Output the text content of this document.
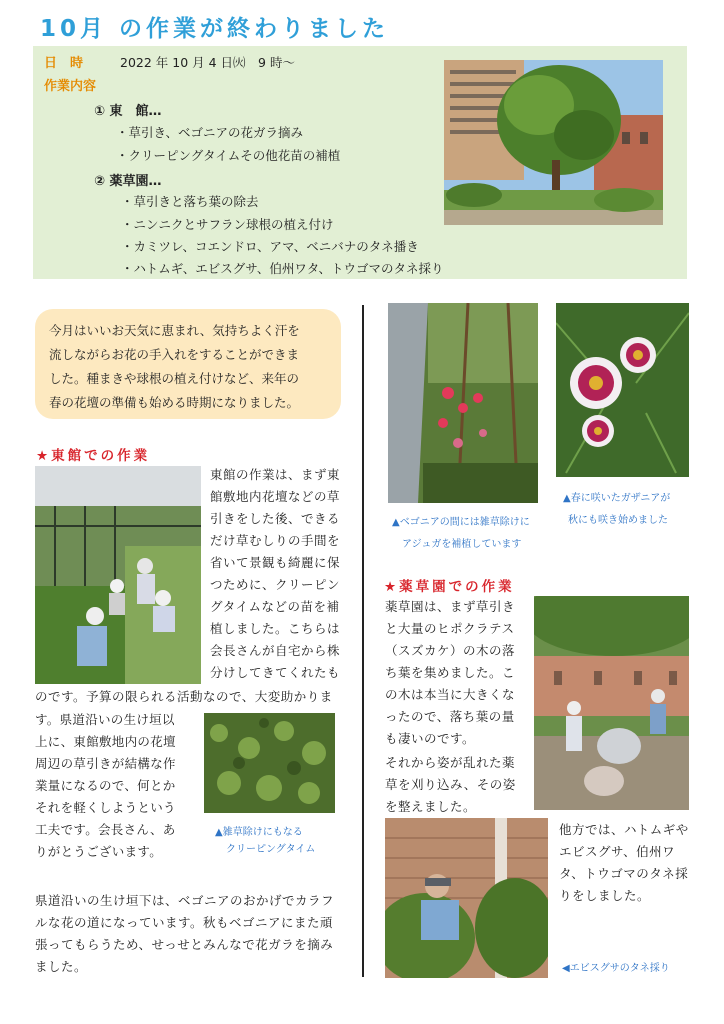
10月 の作業が終わりました
日　時	2022 年 10 月 4 日㈫　9 時〜
作業内容
① 東　館…
・草引き、ベゴニアの花ガラ摘み
・クリーピングタイムその他花苗の補植
② 薬草園…
・草引きと落ち葉の除去
・ニンニクとサフラン球根の植え付け
・カミツレ、コエンドロ、アマ、ベニバナのタネ播き
・ハトムギ、エビスグサ、伯州ワタ、トウゴマのタネ採り
今月はいいお天気に恵まれ、気持ちよく汗を
流しながらお花の手入れをすることができま
した。種まきや球根の植え付けなど、来年の
春の花壇の準備も始める時期になりました。
★東館での作業
東館の作業は、まず東
館敷地内花壇などの草
引きをした後、できる
だけ草むしりの手間を
省いて景観も綺麗に保
つために、クリーピン
グタイムなどの苗を補
植しました。こちらは
会長さんが自宅から株
分けしてきてくれたも
のです。予算の限られる活動なので、大変助かりま
す。県道沿いの生け垣以
上に、東館敷地内の花壇
周辺の草引きが結構な作
業量になるので、何とか
それを軽くしようという
工夫です。会長さん、あ
りがとうございます。
▲雑草除けにもなる
クリーピングタイム
県道沿いの生け垣下は、ベゴニアのおかげでカラフ
ルな花の道になっています。秋もベゴニアにまた頑
張ってもらうため、せっせとみんなで花ガラを摘み
ました。
▲ベゴニアの間には雑草除けに
アジュガを補植しています
▲春に咲いたガザニアが
秋にも咲き始めました
★薬草園での作業
薬草園は、まず草引き
と大量のヒポクラテス
（スズカケ）の木の落
ち葉を集めました。こ
の木は本当に大きくな
ったので、落ち葉の量
も凄いのです。
それから姿が乱れた薬
草を刈り込み、その姿
を整えました。
他方では、ハトムギや
エビスグサ、伯州ワ
タ、トウゴマのタネ採
りをしました。
◀エビスグサのタネ採り
